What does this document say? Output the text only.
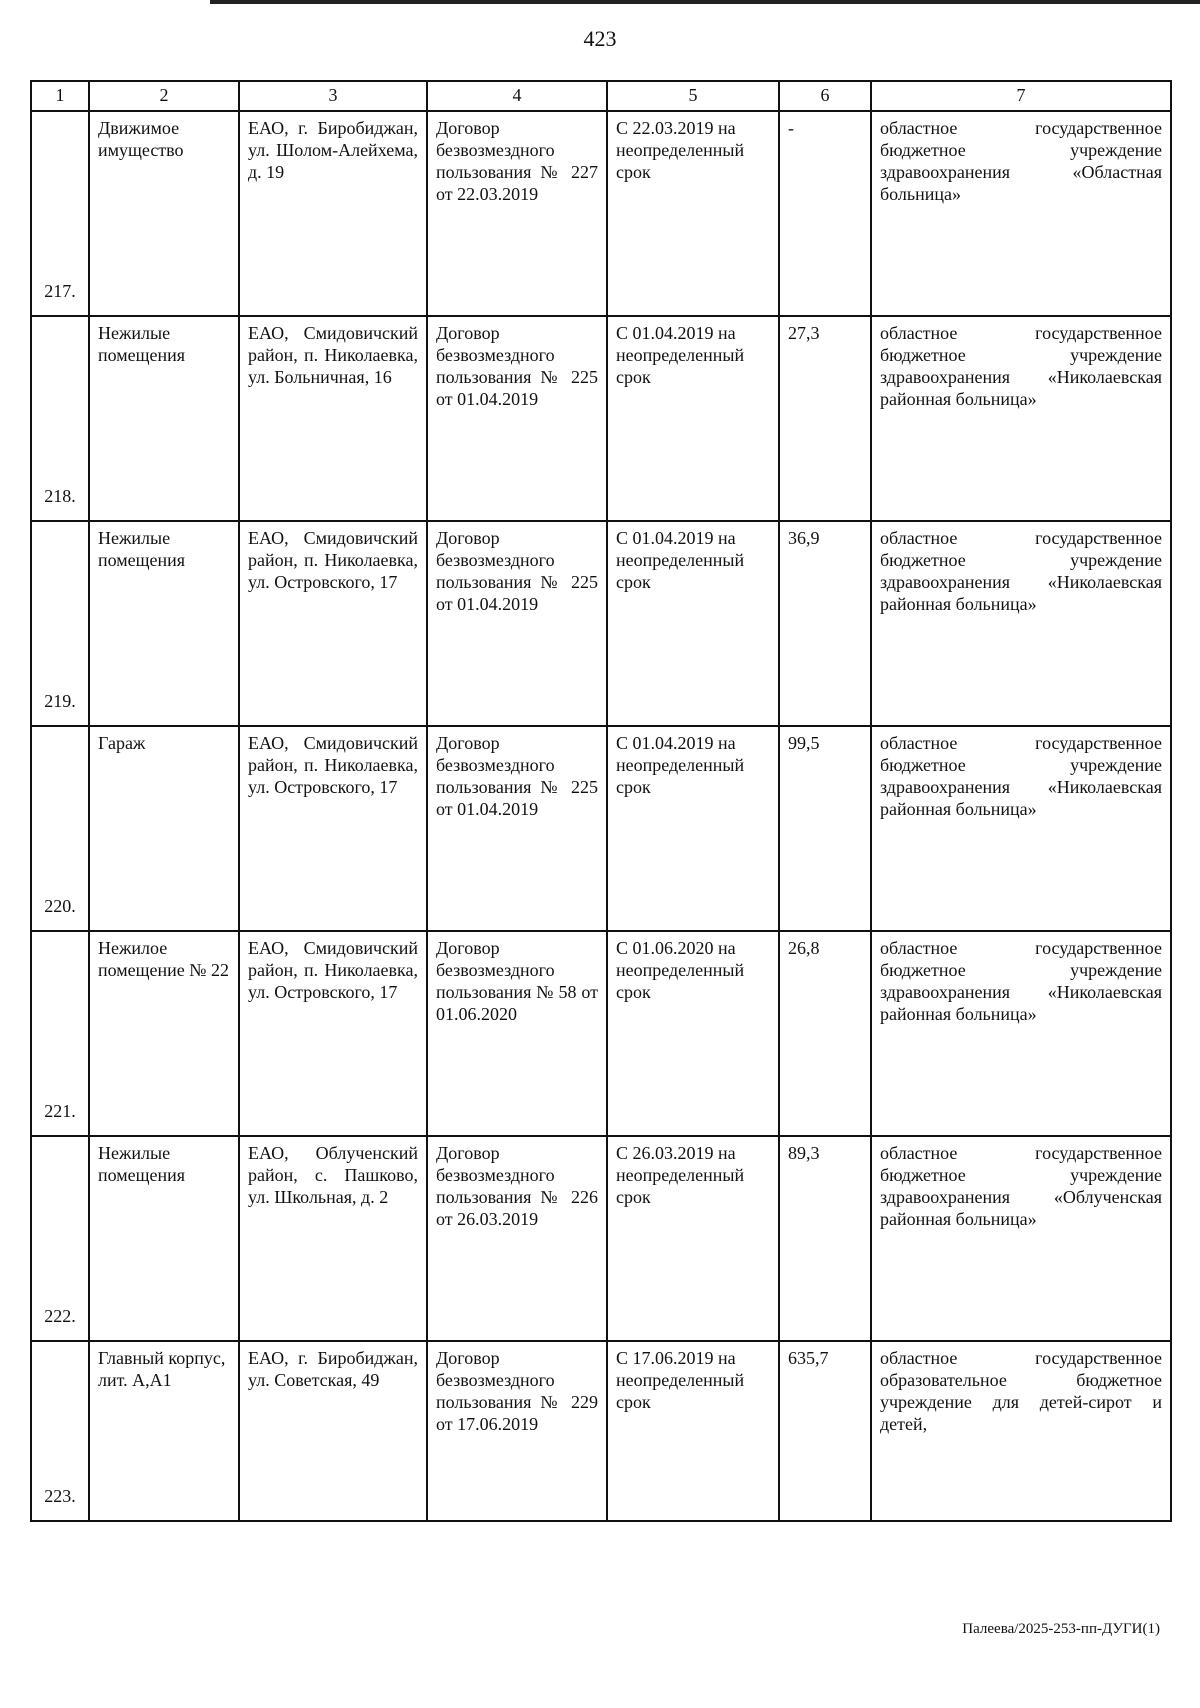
423
1	2	3	4	5	6	7
217.	Движимое имущество	ЕАО, г. Биробиджан, ул. Шолом-Алейхема, д. 19	Договор безвозмездного пользования № 227 от 22.03.2019	С 22.03.2019 на неопределенный срок	-	областное государственное бюджетное учреждение здравоохранения «Областная больница»
218.	Нежилые помещения	ЕАО, Смидовичский район, п. Николаевка, ул. Больничная, 16	Договор безвозмездного пользования № 225 от 01.04.2019	С 01.04.2019 на неопределенный срок	27,3	областное государственное бюджетное учреждение здравоохранения «Николаевская районная больница»
219.	Нежилые помещения	ЕАО, Смидовичский район, п. Николаевка, ул. Островского, 17	Договор безвозмездного пользования № 225 от 01.04.2019	С 01.04.2019 на неопределенный срок	36,9	областное государственное бюджетное учреждение здравоохранения «Николаевская районная больница»
220.	Гараж	ЕАО, Смидовичский район, п. Николаевка, ул. Островского, 17	Договор безвозмездного пользования № 225 от 01.04.2019	С 01.04.2019 на неопределенный срок	99,5	областное государственное бюджетное учреждение здравоохранения «Николаевская районная больница»
221.	Нежилое помещение № 22	ЕАО, Смидовичский район, п. Николаевка, ул. Островского, 17	Договор безвозмездного пользования № 58 от 01.06.2020	С 01.06.2020 на неопределенный срок	26,8	областное государственное бюджетное учреждение здравоохранения «Николаевская районная больница»
222.	Нежилые помещения	ЕАО, Облученский район, с. Пашково, ул. Школьная, д. 2	Договор безвозмездного пользования № 226 от 26.03.2019	С 26.03.2019 на неопределенный срок	89,3	областное государственное бюджетное учреждение здравоохранения «Облученская районная больница»
223.	Главный корпус, лит. А,А1	ЕАО, г. Биробиджан, ул. Советская, 49	Договор безвозмездного пользования № 229 от 17.06.2019	С 17.06.2019 на неопределенный срок	635,7	областное государственное образовательное бюджетное учреждение для детей-сирот и детей,
Палеева/2025-253-пп-ДУГИ(1)
